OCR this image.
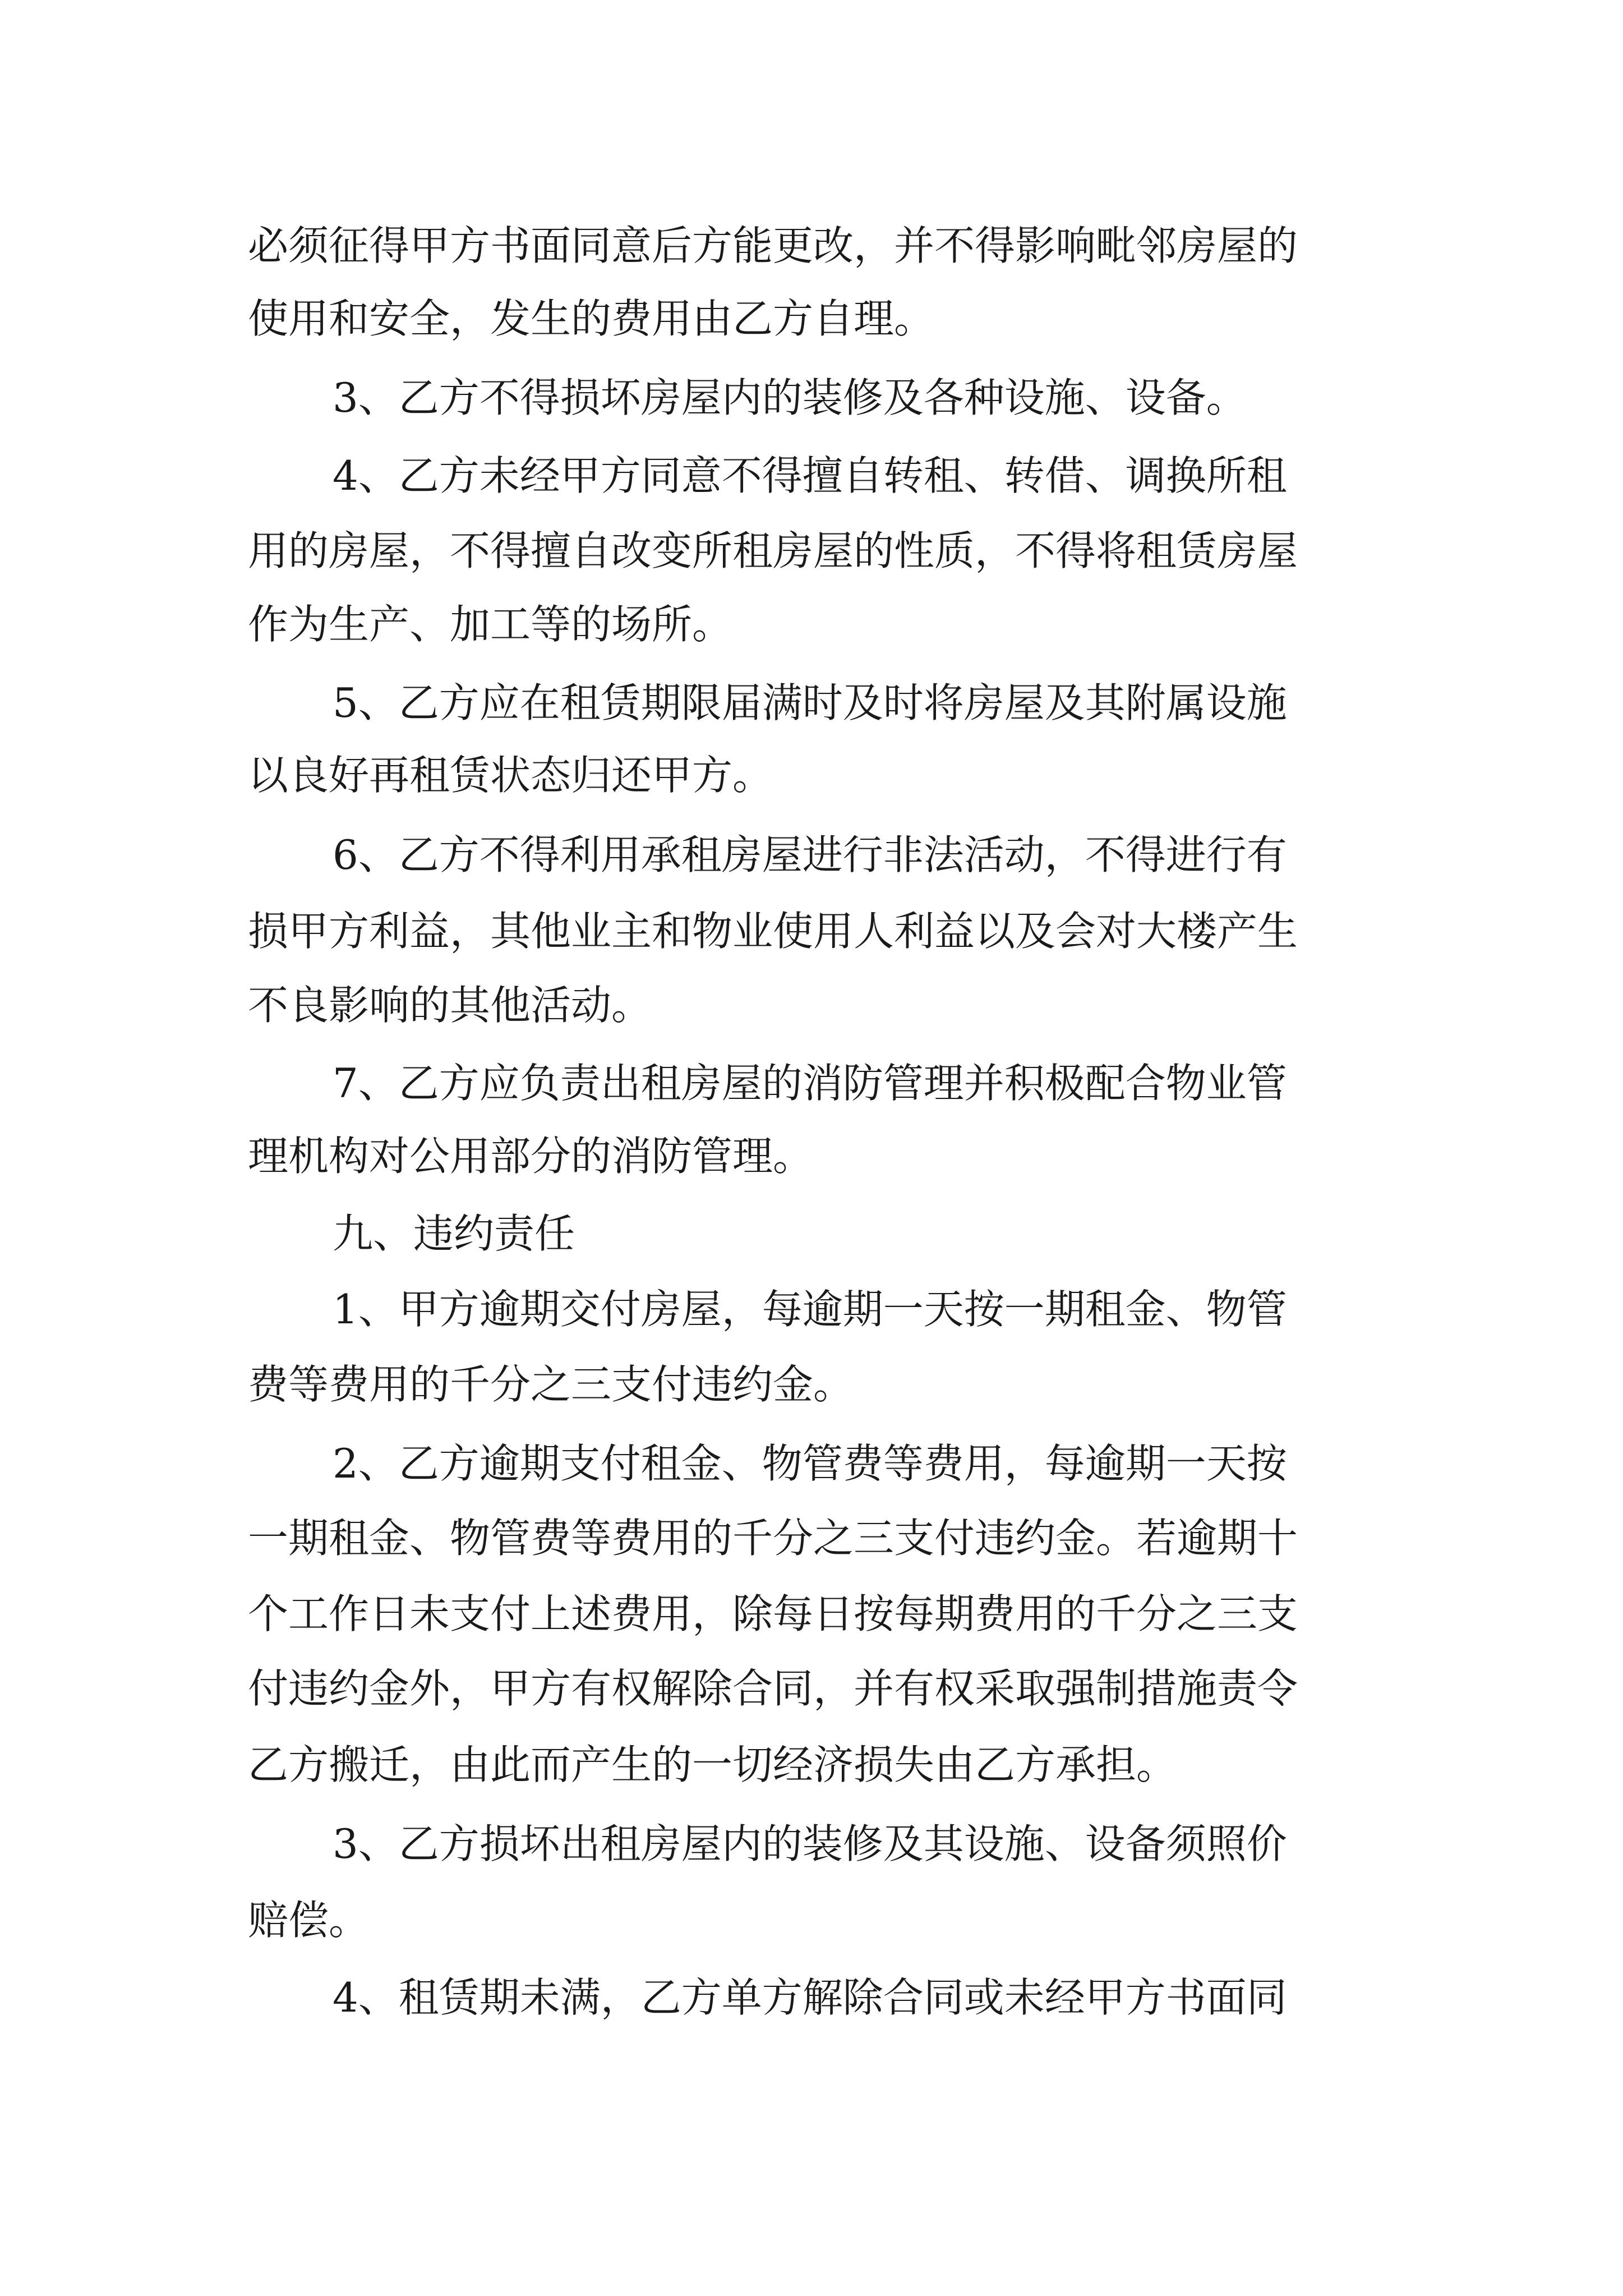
必须征得甲方书面同意后方能更改，并不得影响毗邻房屋的
使用和安全，发生的费用由乙方自理。
3、乙方不得损坏房屋内的装修及各种设施、设备。
4、乙方未经甲方同意不得擅自转租、转借、调换所租
用的房屋，不得擅自改变所租房屋的性质，不得将租赁房屋
作为生产、加工等的场所。
5、乙方应在租赁期限届满时及时将房屋及其附属设施
以良好再租赁状态归还甲方。
6、乙方不得利用承租房屋进行非法活动，不得进行有
损甲方利益，其他业主和物业使用人利益以及会对大楼产生
不良影响的其他活动。
7、乙方应负责出租房屋的消防管理并积极配合物业管
理机构对公用部分的消防管理。
九、违约责任
1、甲方逾期交付房屋，每逾期一天按一期租金、物管
费等费用的千分之三支付违约金。
2、乙方逾期支付租金、物管费等费用，每逾期一天按
一期租金、物管费等费用的千分之三支付违约金。若逾期十
个工作日未支付上述费用，除每日按每期费用的千分之三支
付违约金外，甲方有权解除合同，并有权采取强制措施责令
乙方搬迁，由此而产生的一切经济损失由乙方承担。
3、乙方损坏出租房屋内的装修及其设施、设备须照价
赔偿。
4、租赁期未满，乙方单方解除合同或未经甲方书面同
